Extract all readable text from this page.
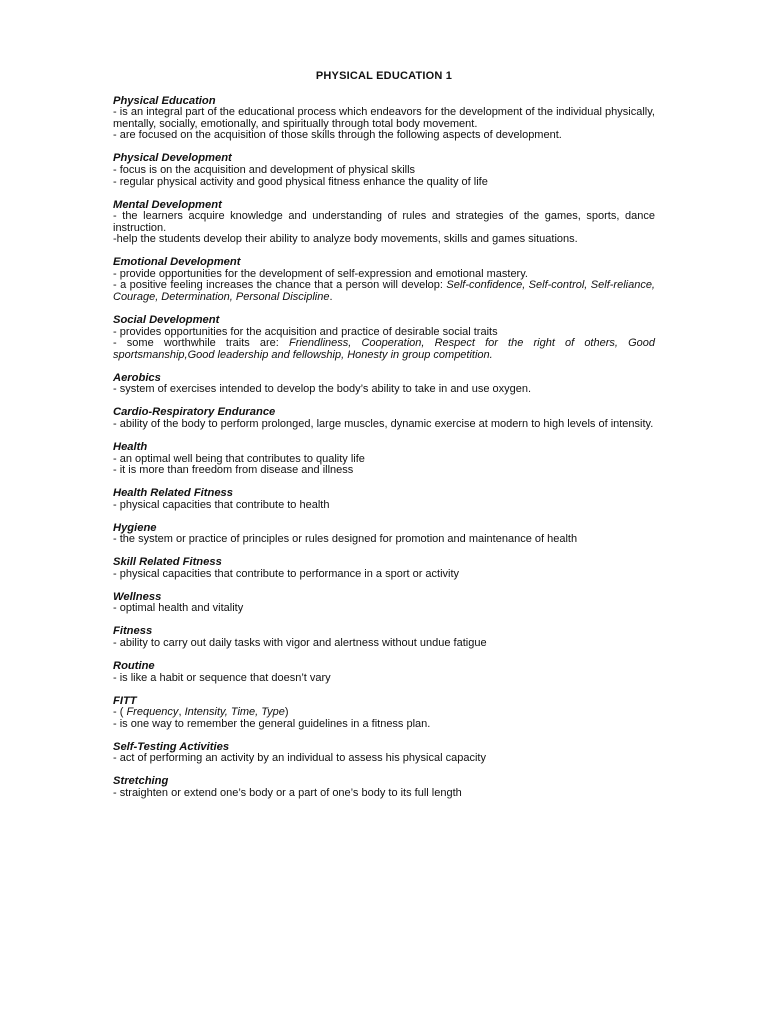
PHYSICAL EDUCATION 1
Physical Education
- is an integral part of the educational process which endeavors for the development of the individual physically, mentally, socially, emotionally, and spiritually through total body movement.
- are focused on the acquisition of those skills through the following aspects of development.
Physical Development
- focus is on the acquisition and development of physical skills
- regular physical activity and good physical fitness enhance the quality of life
Mental Development
- the learners acquire knowledge and understanding of rules and strategies of the games, sports, dance instruction.
-help the students develop their ability to analyze body movements, skills and games situations.
Emotional Development
- provide opportunities for the development of self-expression and emotional mastery.
- a positive feeling increases the chance that a person will develop: Self-confidence, Self-control, Self-reliance, Courage, Determination, Personal Discipline.
Social Development
- provides opportunities for the acquisition and practice of desirable social traits
- some worthwhile traits are: Friendliness, Cooperation, Respect for the right of others, Good sportsmanship,Good leadership and fellowship, Honesty in group competition.
Aerobics
- system of exercises intended to develop the body’s ability to take in and use oxygen.
Cardio-Respiratory Endurance
- ability of the body to perform prolonged, large muscles, dynamic exercise at modern to high levels of intensity.
Health
- an optimal well being that contributes to quality life
- it is more than freedom from disease and illness
Health Related Fitness
- physical capacities that contribute to health
Hygiene
- the system or practice of principles or rules designed for promotion and maintenance of health
Skill Related Fitness
- physical capacities that contribute to performance in a sport or activity
Wellness
- optimal health and vitality
Fitness
- ability to carry out daily tasks with vigor and alertness without undue fatigue
Routine
- is like a habit or sequence that doesn’t vary
FITT
- ( Frequency, Intensity, Time, Type)
- is one way to remember the general guidelines in a fitness plan.
Self-Testing Activities
- act of performing an activity by an individual to assess his physical capacity
Stretching
- straighten or extend one’s body or a part of one’s body to its full length
